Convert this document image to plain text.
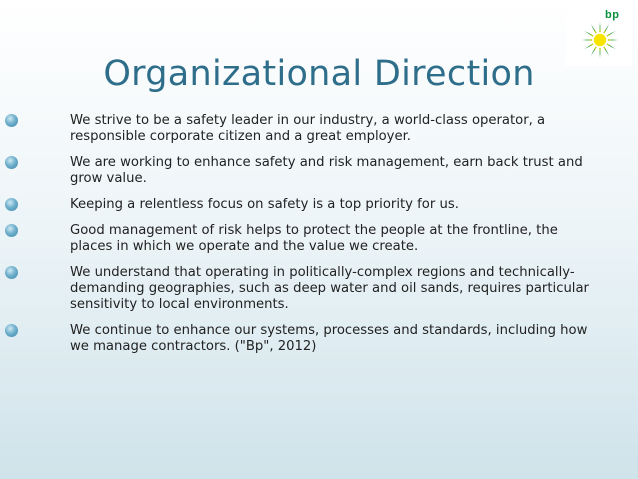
bp
Organizational Direction
We strive to be a safety leader in our industry, a world-class operator, a responsible corporate citizen and a great employer.
We are working to enhance safety and risk management, earn back trust and grow value.
Keeping a relentless focus on safety is a top priority for us.
Good management of risk helps to protect the people at the frontline, the places in which we operate and the value we create.
We understand that operating in politically-complex regions and technically-demanding geographies, such as deep water and oil sands, requires particular sensitivity to local environments.
We continue to enhance our systems, processes and standards, including how we manage contractors. ("Bp", 2012)
